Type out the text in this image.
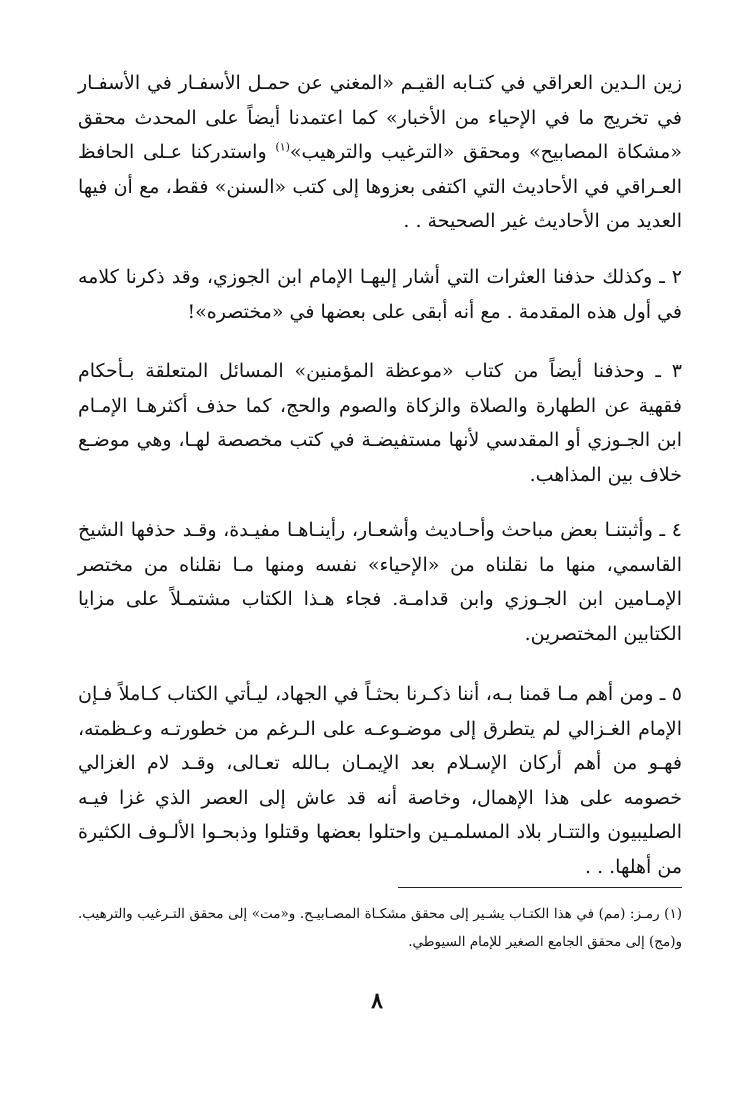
زين الـدين العراقي في كتـابه القيـم «المغني عن حمـل الأسفـار في الأسفـار في تخريج ما في الإحياء من الأخبار» كما اعتمدنا أيضاً على المحدث محقق «مشكاة المصابيح» ومحقق «الترغيب والترهيب»$^{(١)}$ واستدركنا عـلى الحافظ العـراقي في الأحاديث التي اكتفى بعزوها إلى كتب «السنن» فقط، مع أن فيها العديد من الأحاديث غير الصحيحة . .

٢ ـ وكذلك حذفنا العثرات التي أشار إليهـا الإمام ابن الجوزي، وقد ذكرنا كلامه في أول هذه المقدمة . مع أنه أبقى على بعضها في «مختصره»!

٣ ـ وحذفنا أيضاً من كتاب «موعظة المؤمنين» المسائل المتعلقة بـأحكام فقهية عن الطهارة والصلاة والزكاة والصوم والحج، كما حذف أكثرهـا الإمـام ابن الجـوزي أو المقدسي لأنها مستفيضـة في كتب مخصصة لهـا، وهي موضـع خلاف بين المذاهب.

٤ ـ وأثبتنـا بعض مباحث وأحـاديث وأشعـار، رأينـاهـا مفيـدة، وقـد حذفها الشيخ القاسمي، منها ما نقلناه من «الإحياء» نفسه ومنها مـا نقلناه من مختصر الإمـامين ابن الجـوزي وابن قدامـة. فجاء هـذا الكتاب مشتمـلاً على مزايا الكتابين المختصرين.

٥ ـ ومن أهم مـا قمنا بـه، أننا ذكـرنا بحثـاً في الجهاد، ليـأتي الكتاب كـاملاً فـإن الإمام الغـزالي لم يتطرق إلى موضـوعـه على الـرغم من خطورتـه وعـظمته، فهـو من أهم أركان الإسـلام بعد الإيمـان بـالله تعـالى، وقـد لام الغزالي خصومه على هذا الإهمال، وخاصة أنه قد عاش إلى العصر الذي غزا فيـه الصليبيون والتتـار بلاد المسلمـين واحتلوا بعضها وقتلوا وذبحـوا الألـوف الكثيرة من أهلها. . .

(١) رمـز: (مم) في هذا الكتـاب يشـير إلى محقق مشكـاة المصـابيـح. و«مت» إلى محقق التـرغيب والترهيب. و(مج) إلى محقق الجامع الصغير للإمام السيوطي.

٨
